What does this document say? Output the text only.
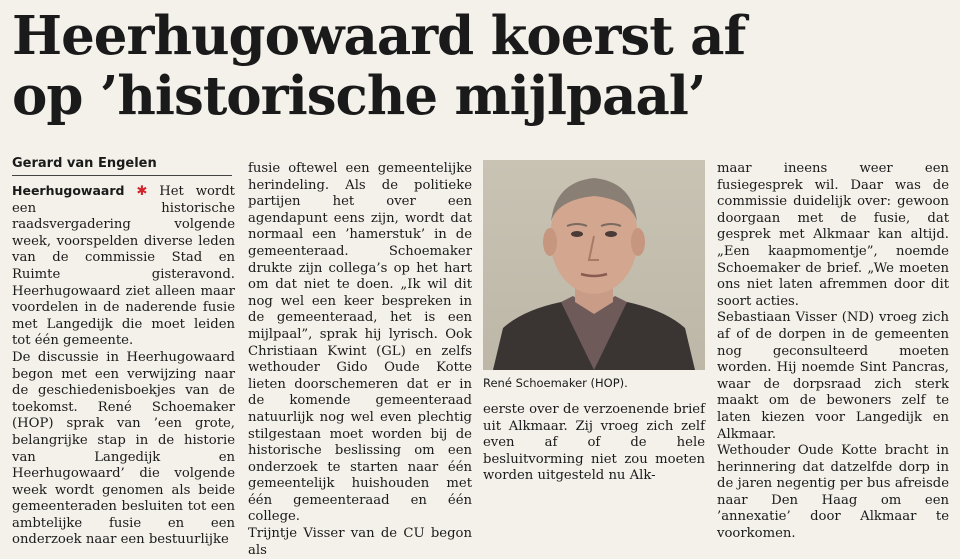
Heerhugowaard koerst af
op ’historische mijlpaal’
Gerard van Engelen

Heerhugowaard ✱ Het wordt een historische raadsvergadering volgende week, voorspelden diverse leden van de commissie Stad en Ruimte gisteravond. Heerhugowaard ziet alleen maar voordelen in de naderende fusie met Langedijk die moet leiden tot één gemeente.

De discussie in Heerhugowaard begon met een verwijzing naar de geschiedenisboekjes van de toekomst. René Schoemaker (HOP) sprak van ’een grote, belangrijke stap in de historie van Langedijk en Heerhugowaard’ die volgende week wordt genomen als beide gemeenteraden besluiten tot een ambtelijke fusie en een onderzoek naar een bestuurlijke

fusie oftewel een gemeentelijke herindeling. Als de politieke partijen het over een agendapunt eens zijn, wordt dat normaal een ’hamerstuk’ in de gemeenteraad. Schoemaker drukte zijn collega’s op het hart om dat niet te doen. „Ik wil dit nog wel een keer bespreken in de gemeenteraad, het is een mijlpaal”, sprak hij lyrisch. Ook Christiaan Kwint (GL) en zelfs wethouder Gido Oude Kotte lieten doorschemeren dat er in de komende gemeenteraad natuurlijk nog wel even plechtig stilgestaan moet worden bij de historische beslissing om een onderzoek te starten naar één gemeentelijk huishouden met één gemeenteraad en één college.

Trijntje Visser van de CU begon als

René Schoemaker (HOP).

eerste over de verzoenende brief uit Alkmaar. Zij vroeg zich zelf even af of de hele besluitvorming niet zou moeten worden uitgesteld nu Alk-

maar ineens weer een fusiegesprek wil. Daar was de commissie duidelijk over: gewoon doorgaan met de fusie, dat gesprek met Alkmaar kan altijd. „Een kaapmomentje”, noemde Schoemaker de brief. „We moeten ons niet laten afremmen door dit soort acties.

Sebastiaan Visser (ND) vroeg zich af of de dorpen in de gemeenten nog geconsulteerd moeten worden. Hij noemde Sint Pancras, waar de dorpsraad zich sterk maakt om de bewoners zelf te laten kiezen voor Langedijk en Alkmaar.

Wethouder Oude Kotte bracht in herinnering dat datzelfde dorp in de jaren negentig per bus afreisde naar Den Haag om een ’annexatie’ door Alkmaar te voorkomen.
